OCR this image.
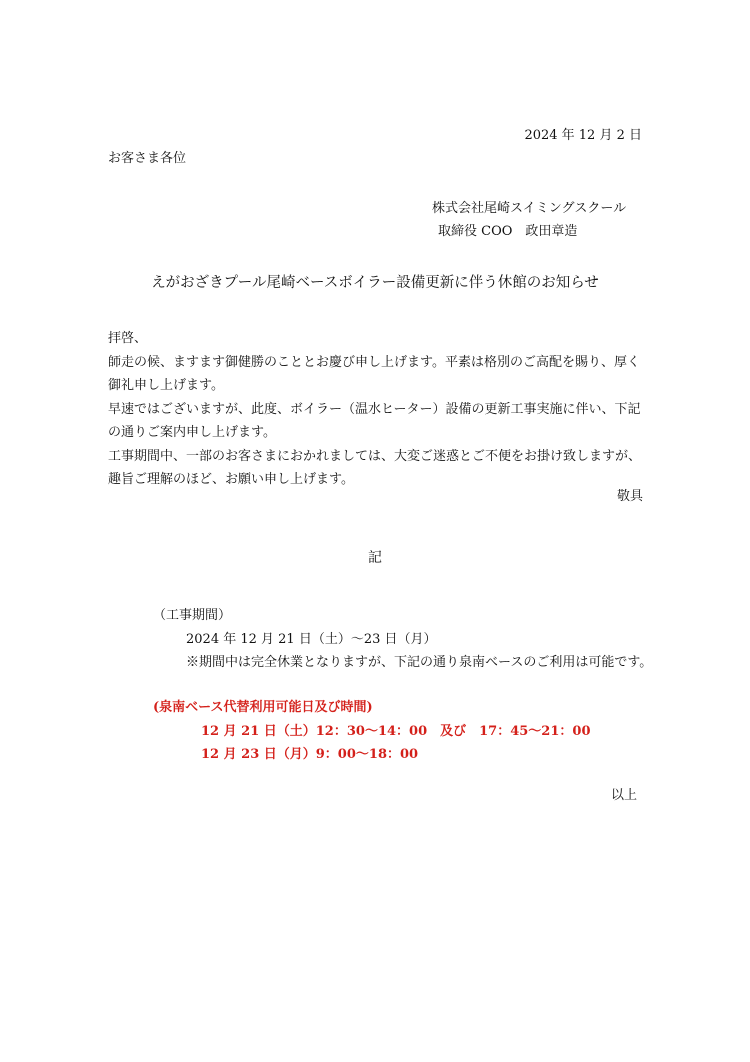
2024 年 12 月 2 日
お客さま各位
株式会社尾崎スイミングスクール
取締役 COO　政田章造
えがおざきプール尾崎ベースボイラー設備更新に伴う休館のお知らせ
拝啓、
師走の候、ますます御健勝のこととお慶び申し上げます。平素は格別のご高配を賜り、厚く
御礼申し上げます。
早速ではございますが、此度、ボイラー（温水ヒーター）設備の更新工事実施に伴い、下記
の通りご案内申し上げます。
工事期間中、一部のお客さまにおかれましては、大変ご迷惑とご不便をお掛け致しますが、
趣旨ご理解のほど、お願い申し上げます。
敬具
記
（工事期間）
2024 年 12 月 21 日（土）～23 日（月）
※期間中は完全休業となりますが、下記の通り泉南ベースのご利用は可能です。
(泉南ベース代替利用可能日及び時間)
12 月 21 日（土）12：30～14：00　及び　17：45～21：00
12 月 23 日（月）9：00～18：00
以上
